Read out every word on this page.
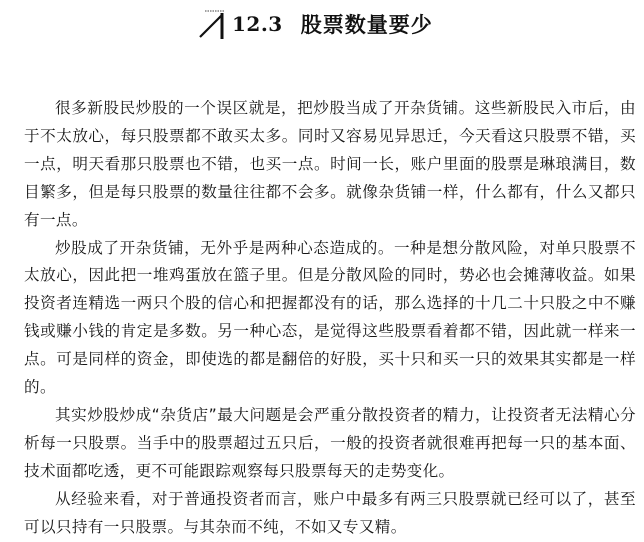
12.3 股票数量要少

很多新股民炒股的一个误区就是，把炒股当成了开杂货铺。这些新股民入市后，由于不太放心，每只股票都不敢买太多。同时又容易见异思迁，今天看这只股票不错，买一点，明天看那只股票也不错，也买一点。时间一长，账户里面的股票是琳琅满目，数目繁多，但是每只股票的数量往往都不会多。就像杂货铺一样，什么都有，什么又都只有一点。

炒股成了开杂货铺，无外乎是两种心态造成的。一种是想分散风险，对单只股票不太放心，因此把一堆鸡蛋放在篮子里。但是分散风险的同时，势必也会摊薄收益。如果投资者连精选一两只个股的信心和把握都没有的话，那么选择的十几二十只股之中不赚钱或赚小钱的肯定是多数。另一种心态，是觉得这些股票看着都不错，因此就一样来一点。可是同样的资金，即使选的都是翻倍的好股，买十只和买一只的效果其实都是一样的。

其实炒股炒成“杂货店”最大问题是会严重分散投资者的精力，让投资者无法精心分析每一只股票。当手中的股票超过五只后，一般的投资者就很难再把每一只的基本面、技术面都吃透，更不可能跟踪观察每只股票每天的走势变化。

从经验来看，对于普通投资者而言，账户中最多有两三只股票就已经可以了，甚至可以只持有一只股票。与其杂而不纯，不如又专又精。
